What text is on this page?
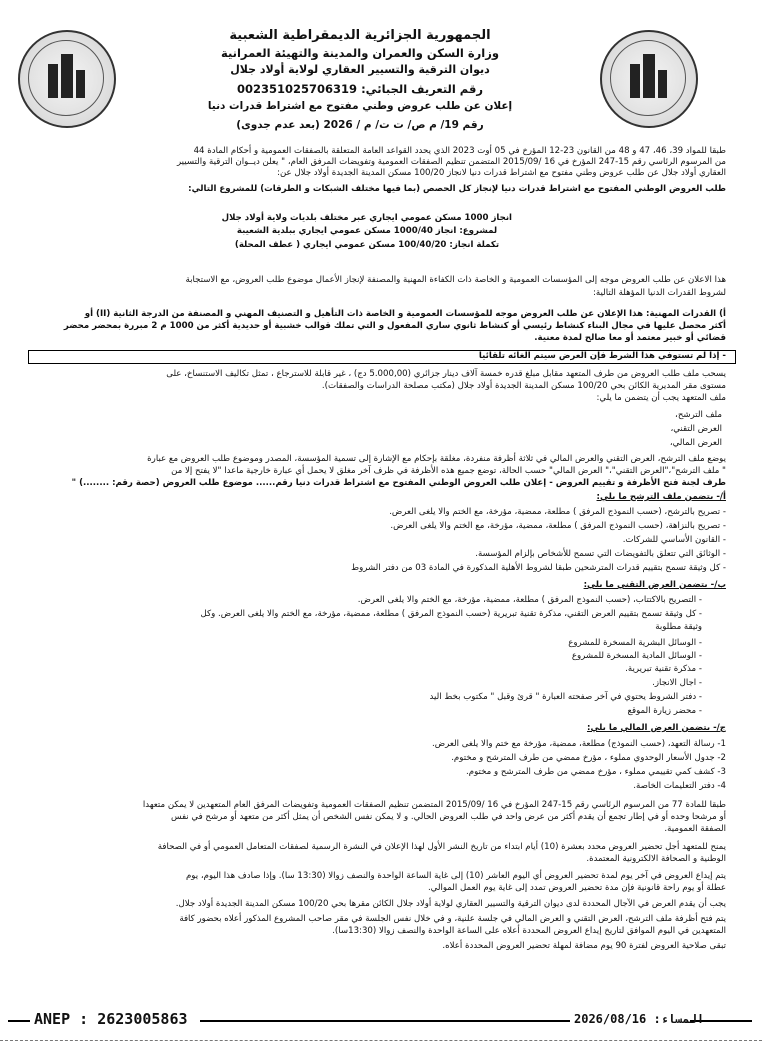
الجمهورية الجزائرية الديمقراطية الشعبية
وزارة السكن والعمران والمدينة والتهيئة العمرانية
ديوان الترقية والتسيير العقاري لولاية أولاد جلال
رقم التعريف الجبائي: 002351025706319
إعلان عن طلب عروض وطني مفتوح مع اشتراط قدرات دنيا
رقم 19/ م ص/ ت ت/ م / 2026 (بعد عدم جدوى)
طبقا للمواد 39، 46، 47 و 48 من القانون 23-12 المؤرخ في 05 أوت 2023 الذي يحدد القواعد العامة المتعلقة بالصفقات العمومية و أحكام المادة 44
من المرسوم الرئاسي رقم 15-247 المؤرخ في 16 /2015/09 المتضمن تنظيم الصفقات العمومية وتفويضات المرفق العام، " يعلن ديــوان الترقية والتسيير
العقاري أولاد جلال عن طلب عروض وطني مفتوح مع اشتراط قدرات دنيا لانجاز 100/20 مسكن المدينة الجديدة أولاد جلال عن:
طلب العروض الوطني المفتوح مع اشتراط قدرات دنيا لإنجاز كل الحصص (بما فيها مختلف الشبكات و الطرقات) للمشروع التالي:
انجاز 1000 مسكن عمومي ايجاري عبر مختلف بلديات ولاية أولاد جلال
لمشروع: انجاز 1000/40 مسكن عمومي ايجاري ببلدية الشعيبة
تكملة انجاز: 100/40/20 مسكن عمومي ايجاري ( عطف المحلة)
هذا الاعلان عن طلب العروض موجه إلى المؤسسات العمومية و الخاصة ذات الكفاءة المهنية والمصنفة لإنجاز الأعمال موضوع طلب العروض، مع الاستجابة
لشروط القدرات الدنيا المؤهلة التالية:
أ) القدرات المهنية: هذا الإعلان عن طلب العروض موجه للمؤسسات العمومية و الخاصة ذات التأهيل و التصنيف المهني و المصنفة من الدرجة الثانية (II) أو
أكثر محصل عليها في مجال البناء كنشاط رئيسي أو كنشاط ثانوي ساري المفعول و التي تملك قوالب خشبية أو حديدية أكثر من 1000 م 2 مبررة بمحضر محضر
قضائي أو خبير معتمد أو معا صالح لمدة معنية.
- إذا لم تستوفي هذا الشرط فإن العرض سيتم الغائه تلقائيا
يسحب ملف طلب العروض من طرف المتعهد مقابل مبلغ قدره خمسة آلاف دينار جزائري (5.000,00 دج) ، غير قابلة للاسترجاع ، تمثل تكاليف الاستنساخ، على
مستوى مقر المديرية الكائن بحي 100/20 مسكن المدينة الجديدة أولاد جلال (مكتب مصلحة الدراسات والصفقات).
ملف المتعهد يجب أن يتضمن ما يلي:
ملف الترشح،
العرض التقني،
العرض المالي،
يوضع ملف الترشح، العرض التقني والعرض المالي في ثلاثة أظرفة منفردة، مغلقة بإحكام مع الإشارة إلى تسمية المؤسسة، المصدر وموضوع طلب العروض مع عبارة
" ملف الترشح"،"العرض التقني"،" العرض المالي" حسب الحالة، توضع جميع هذه الأظرفة في ظرف آخر مغلق لا يحمل أي عبارة خارجية ماعدا "لا يفتح إلا من
طرف لجنة فتح الأظرفة و تقييم العروض - إعلان طلب العروض الوطني المفتوح مع اشتراط قدرات دنيا رقم...... موضوع طلب العروض (حصة رقم: ........) "
أ/- يتضمن ملف الترشح ما يلي:
- تصريح بالترشح، (حسب النموذج المرفق ) مطلعة، ممضية، مؤرخة، مع الختم والا يلغى العرض.
- تصريح بالنزاهة، (حسب النموذج المرفق ) مطلعة، ممضية، مؤرخة، مع الختم والا يلغى العرض.
- القانون الأساسي للشركات.
- الوثائق التي تتعلق بالتفويضات التي تسمح للأشخاص بإلزام المؤسسة.
- كل وثيقة تسمح بتقييم قدرات المترشحين طبقا لشروط الأهلية المذكورة في المادة 03 من دفتر الشروط
ب/- يتضمن العرض التقني ما يلي:
- التصريح بالاكتتاب، (حسب النموذج المرفق ) مطلعة، ممضية، مؤرخة، مع الختم والا يلغى العرض.
- كل وثيقة تسمح بتقييم العرض التقني، مذكرة تقنية تبريرية (حسب النموذج المرفق ) مطلعة، ممضية، مؤرخة، مع الختم والا يلغى العرض. وكل
وثيقة مطلوبة
- الوسائل البشرية المسخرة للمشروع
- الوسائل المادية المسخرة للمشروع
- مذكرة تقنية تبريرية.
- اجال الانجاز.
- دفتر الشروط يحتوي في آخر صفحته العبارة " قرئ وقبل " مكتوب بخط اليد
- محضر زيارة الموقع
ج/- يتضمن العرض المالي ما يلي:
1- رسالة التعهد، (حسب النموذج) مطلعة، ممضية، مؤرخة مع ختم والا يلغى العرض.
2- جدول الأسعار الوحدوي مملوء ، مؤرخ ممضي من طرف المترشح و مختوم.
3- كشف كمي تقييمي مملوء ، مؤرخ ممضي من طرف المترشح و مختوم.
4- دفتر التعليمات الخاصة.
طبقا للمادة 77 من المرسوم الرئاسي رقم 15-247 المؤرخ في 16 /2015/09 المتضمن تنظيم الصفقات العمومية وتفويضات المرفق العام المتعهدين لا يمكن متعهدا
أو مرشحا وحده أو في إطار تجمع أن يقدم أكثر من عرض واحد في طلب العروض الحالي. و لا يمكن نفس الشخص أن يمثل أكثر من متعهد أو مرشح في نفس
الصفقة العمومية.
يمنح للمتعهد أجل تحضير العروض محدد بعشرة (10) أيام ابتداء من تاريخ النشر الأول لهذا الإعلان في النشرة الرسمية لصفقات المتعامل العمومي أو في الصحافة
الوطنية و الصحافة الالكترونية المعتمدة.
يتم إيداع العروض في آخر يوم لمدة تحضير العروض أي اليوم العاشر (10) إلى غاية الساعة الواحدة والنصف زوالا (13:30 سا). وإذا صادف هذا اليوم، يوم
عطلة أو يوم راحة قانونية فإن مدة تحضير العروض تمدد إلى غاية يوم العمل الموالي.
يجب أن يقدم العرض في الآجال المحددة لدى ديوان الترقية والتسيير العقاري لولاية أولاد جلال الكائن مقرها بحي 100/20 مسكن المدينة الجديدة أولاد جلال.
يتم فتح أظرفة ملف الترشح، العرض التقني و العرض المالي في جلسة علنية، و في خلال نفس الجلسة في مقر صاحب المشروع المذكور أعلاه بحضور كافة
المتعهدين في اليوم الموافق لتاريخ إيداع العروض المحددة أعلاه على الساعة الواحدة والنصف زوالا (13:30سا).
تبقى صلاحية العروض لفترة 90 يوم مضافة لمهلة تحضير العروض المحددة أعلاه.
ANEP : 2623005863	2026/08/16 :المساء
